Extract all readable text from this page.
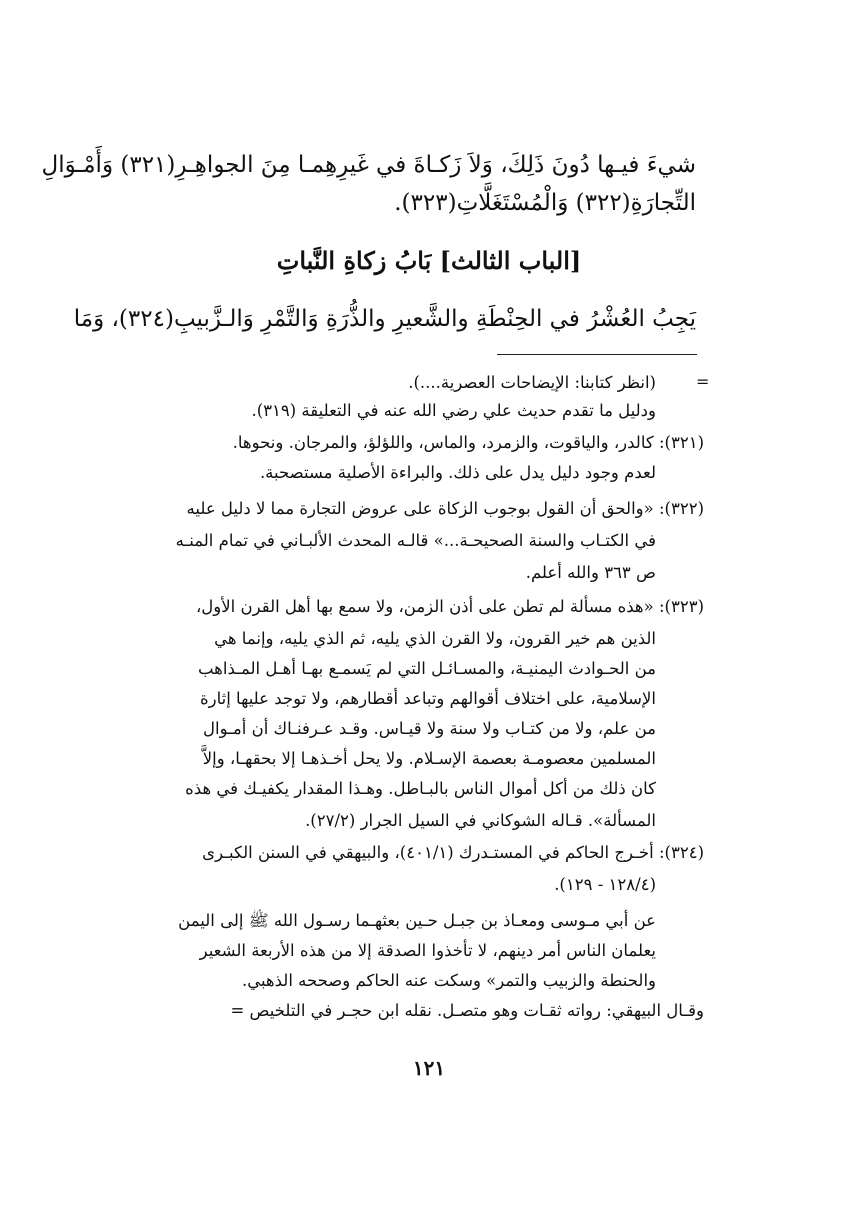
شيءَ فيـها دُونَ ذَلِكَ، وَلاَ زَكـاةَ في غَيرِهِمـا مِنَ الجواهِـرِ(٣٢١) وَأَمْـوَالِ
التِّجارَةِ(٣٢٢) وَالْمُسْتَغَلَّاتِ(٣٢٣).
[الباب الثالث] بَابُ زكاةِ النَّباتِ
يَجِبُ العُشْرُ في الحِنْطَةِ والشَّعيرِ والذُّرَةِ وَالتَّمْرِ وَالـزَّبيبِ(٣٢٤)، وَمَا
=
(انظر كتابنا: الإيضاحات العصرية....).
ودليل ما تقدم حديث علي رضي الله عنه في التعليقة (٣١٩).
(٣٢١): كالدر، والياقوت، والزمرد، والماس، واللؤلؤ، والمرجان. ونحوها.
لعدم وجود دليل يدل على ذلك. والبراءة الأصلية مستصحبة.
(٣٢٢): «والحق أن القول بوجوب الزكاة على عروض التجارة مما لا دليل عليه
في الكتـاب والسنة الصحيحـة...» قالـه المحدث الألبـاني في تمام المنـه
ص ٣٦٣ والله أعلم.
(٣٢٣): «هذه مسألة لم تطن على أذن الزمن، ولا سمع بها أهل القرن الأول،
الذين هم خير القرون، ولا القرن الذي يليه، ثم الذي يليه، وإنما هي
من الحـوادث اليمنيـة، والمسـائـل التي لم يَسمـع بهـا أهـل المـذاهب
الإسلامية، على اختلاف أقوالهم وتباعد أقطارهم، ولا توجد عليها إثارة
من علم، ولا من كتـاب ولا سنة ولا قيـاس. وقـد عـرفنـاك أن أمـوال
المسلمين معصومـة بعصمة الإسـلام. ولا يحل أخـذهـا إلا بحقهـا، وإلاَّ
كان ذلك من أكل أموال الناس بالبـاطل. وهـذا المقدار يكفيـك في هذه
المسألة». قـاله الشوكاني في السيل الجرار (٢٧/٢).
(٣٢٤): أخـرج الحاكم في المستـدرك (٤٠١/١)، والبيهقي في السنن الكبـرى
(١٢٨/٤ - ١٢٩).
عن أبي مـوسى ومعـاذ بن جبـل حـين بعثهـما رسـول الله ﷺ إلى اليمن
يعلمان الناس أمر دينهم، لا تأخذوا الصدقة إلا من هذه الأربعة الشعير
والحنطة والزبيب والتمر» وسكت عنه الحاكم وصححه الذهبي.
وقـال البيهقي: رواته ثقـات وهو متصـل. نقله ابن حجـر في التلخيص =
١٢١
